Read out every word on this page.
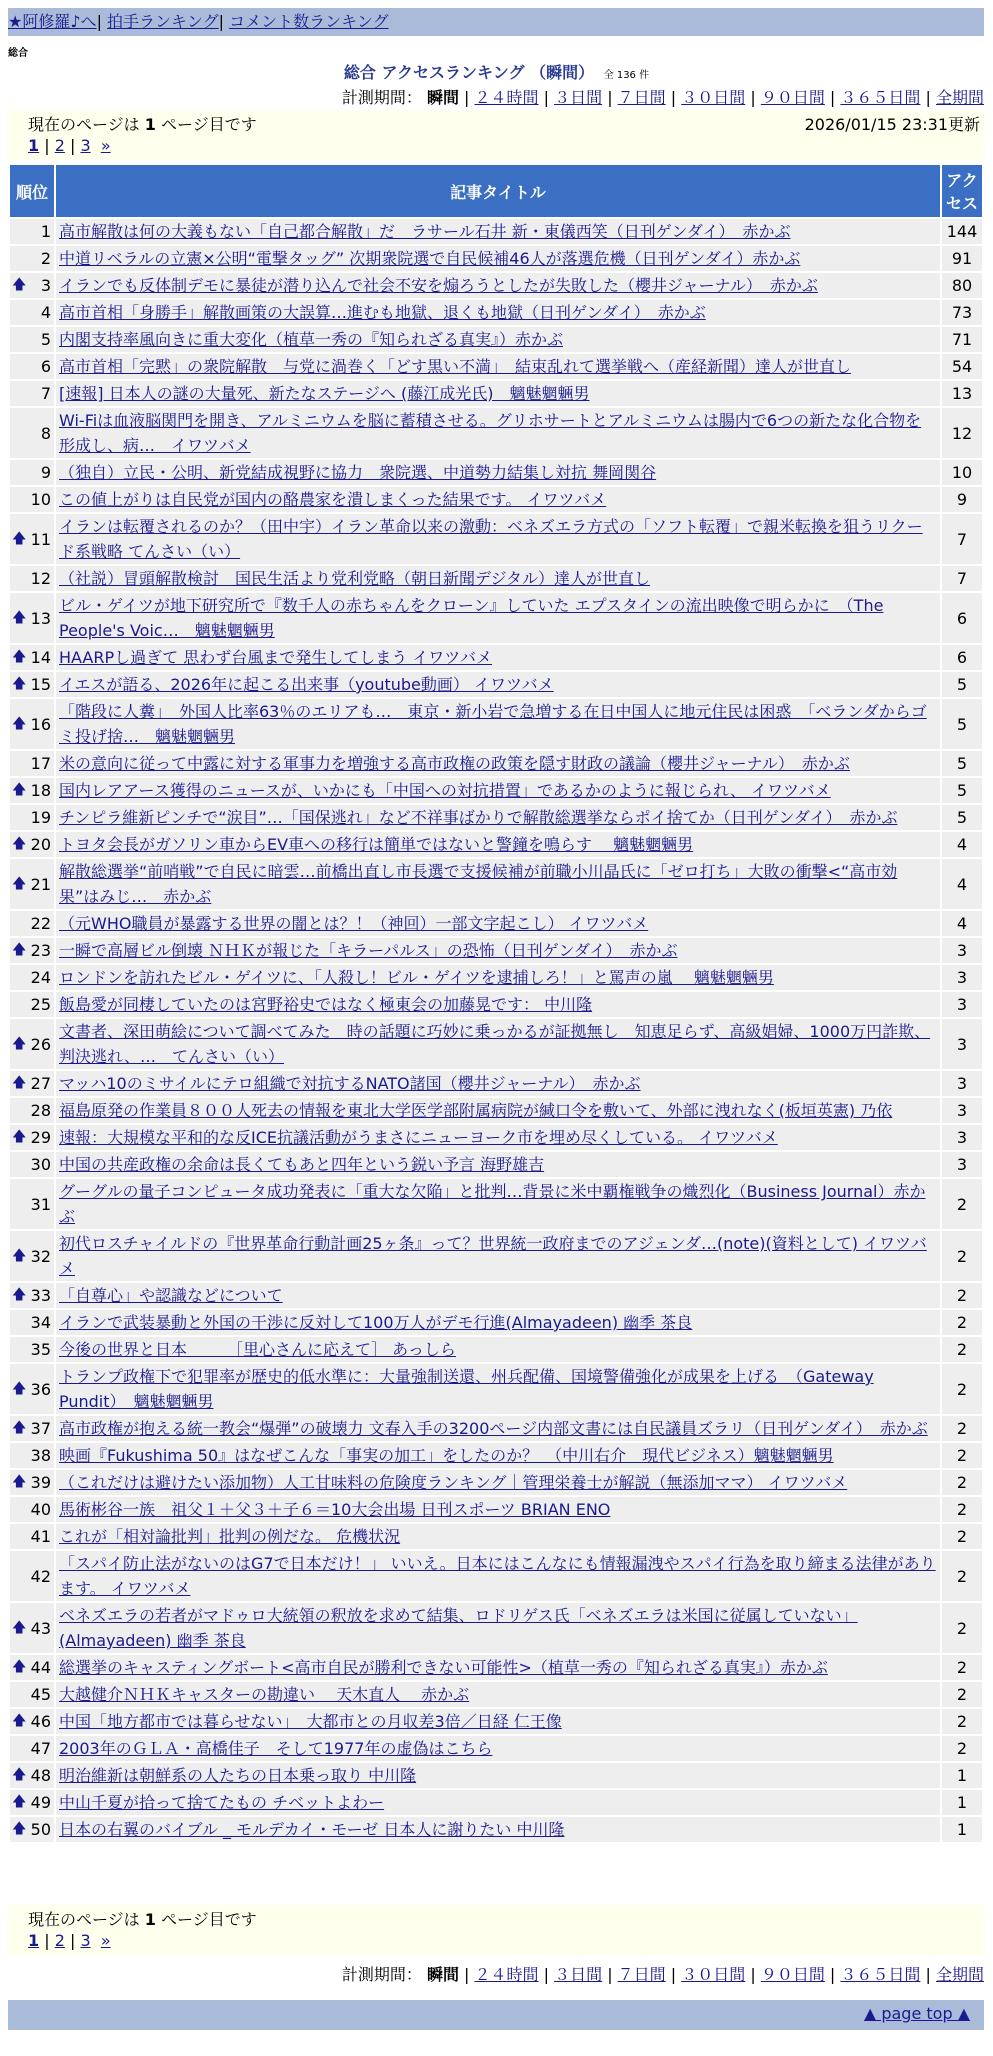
★阿修羅♪へ| 拍手ランキング| コメント数ランキング
総合
総合 アクセスランキング （瞬間） 全 136 件
計測期間： 瞬間 | ２４時間 | ３日間 | ７日間 | ３０日間 | ９０日間 | ３６５日間 | 全期間
現在のページは 1 ページ目です	2026/01/15 23:31更新
1 | 2 | 3 »
順位	記事タイトル	アクセス
1	高市解散は何の大義もない「自己都合解散」だ　ラサール石井 新・東儀西笑（日刊ゲンダイ）　赤かぶ	144
2	中道リベラルの立憲×公明“電撃タッグ” 次期衆院選で自民候補46人が落選危機（日刊ゲンダイ）赤かぶ	91

🡅 3	イランでも反体制デモに暴徒が潜り込んで社会不安を煽ろうとしたが失敗した（櫻井ジャーナル）　赤かぶ	80
4	高市首相「身勝手」解散画策の大誤算…進むも地獄、退くも地獄（日刊ゲンダイ）　赤かぶ	73
5	内閣支持率風向きに重大変化（植草一秀の『知られざる真実』）赤かぶ	71
6	高市首相「完黙」の衆院解散　与党に渦巻く「どす黒い不満」　結束乱れて選挙戦へ（産経新聞）達人が世直し	54
7	[速報] 日本人の謎の大量死、新たなステージへ (藤江成光氏)　魑魅魍魎男	13
8	Wi-Fiは血液脳関門を開き、アルミニウムを脳に蓄積させる。グリホサートとアルミニウムは腸内で6つの新たな化合物を形成し、病…　イワツバメ	12
9	（独自）立民・公明、新党結成視野に協力　衆院選、中道勢力結集し対抗 舞岡関谷	10
10	この値上がりは自民党が国内の酪農家を潰しまくった結果です。 イワツバメ	9

🡅 11	イランは転覆されるのか？（田中宇）イラン革命以来の激動：ベネズエラ方式の「ソフト転覆」で親米転換を狙うリクード系戦略 てんさい（い）	7
12	（社説）冒頭解散検討　国民生活より党利党略（朝日新聞デジタル）達人が世直し	7

🡅 13	ビル・ゲイツが地下研究所で『数千人の赤ちゃんをクローン』していた エプスタインの流出映像で明らかに　（The People's Voic…　魑魅魍魎男	6

🡅 14	HAARPし過ぎて 思わず台風まで発生してしまう イワツバメ	6

🡅 15	イエスが語る、2026年に起こる出来事（youtube動画） イワツバメ	5

🡅 16	「階段に人糞」　外国人比率63％のエリアも…　東京・新小岩で急増する在日中国人に地元住民は困惑　「ベランダからゴミ投げ捨…　魑魅魍魎男	5
17	米の意向に従って中露に対する軍事力を増強する高市政権の政策を隠す財政の議論（櫻井ジャーナル）　赤かぶ	5

🡅 18	国内レアアース獲得のニュースが、いかにも「中国への対抗措置」であるかのように報じられ、 イワツバメ	5
19	チンピラ維新ピンチで“涙目”…「国保逃れ」など不祥事ばかりで解散総選挙ならポイ捨てか（日刊ゲンダイ）　赤かぶ	5

🡅 20	トヨタ会長がガソリン車からEV車への移行は簡単ではないと警鐘を鳴らす　 魑魅魍魎男	4

🡅 21	解散総選挙“前哨戦”で自民に暗雲…前橋出直し市長選で支援候補が前職小川晶氏に「ゼロ打ち」大敗の衝撃<“高市効果”はみじ…　赤かぶ	4
22	（元WHO職員が暴露する世界の闇とは？！（神回）一部文字起こし） イワツバメ	4

🡅 23	一瞬で高層ビル倒壊 ＮＨＫが報じた「キラーパルス」の恐怖（日刊ゲンダイ）　赤かぶ	3
24	ロンドンを訪れたビル・ゲイツに、「人殺し！ビル・ゲイツを逮捕しろ！」と罵声の嵐　 魑魅魍魎男	3
25	飯島愛が同棲していたのは宮野裕史ではなく極東会の加藤晃です： 中川隆	3

🡅 26	文書者、深田萌絵について調べてみた　時の話題に巧妙に乗っかるが証拠無し　知恵足らず、高級娼婦、1000万円詐欺、判決逃れ、…　てんさい（い）	3

🡅 27	マッハ10のミサイルにテロ組織で対抗するNATO諸国（櫻井ジャーナル）　赤かぶ	3
28	福島原発の作業員８００人死去の情報を東北大学医学部附属病院が緘口令を敷いて、外部に洩れなく(板垣英憲) 乃依	3

🡅 29	速報：大規模な平和的な反ICE抗議活動がうまさにニューヨーク市を埋め尽くしている。 イワツバメ	3
30	中国の共産政権の余命は長くてもあと四年という鋭い予言 海野雄吉	3
31	グーグルの量子コンピュータ成功発表に「重大な欠陥」と批判…背景に米中覇権戦争の熾烈化（Business Journal）赤かぶ	2

🡅 32	初代ロスチャイルドの『世界革命行動計画25ヶ条』って？世界統一政府までのアジェンダ…(note)(資料として) イワツバメ	2

🡅 33	「自尊心」や認識などについて	2
34	イランで武装暴動と外国の干渉に反対して100万人がデモ行進(Almayadeen) 幽季 茶良	2
35	今後の世界と日本　　　［里心さんに応えて］ あっしら	2

🡅 36	トランプ政権下で犯罪率が歴史的低水準に：大量強制送還、州兵配備、国境警備強化が成果を上げる　（Gateway Pundit）　魑魅魍魎男	2

🡅 37	高市政権が抱える統一教会“爆弾”の破壊力 文春入手の3200ページ内部文書には自民議員ズラリ（日刊ゲンダイ）　赤かぶ	2
38	映画『Fukushima 50』はなぜこんな「事実の加工」をしたのか？　（中川右介　現代ビジネス）魑魅魍魎男	2

🡅 39	（これだけは避けたい添加物）人工甘味料の危険度ランキング｜管理栄養士が解説（無添加ママ） イワツバメ	2
40	馬術彬谷一族　祖父１＋父３＋子６＝10大会出場 日刊スポーツ BRIAN ENO	2
41	これが「相対論批判」批判の例だな。 危機状況	2
42	「スパイ防止法がないのはG7で日本だけ！」 いいえ。日本にはこんなにも情報漏洩やスパイ行為を取り締まる法律があります。 イワツバメ	2

🡅 43	ベネズエラの若者がマドゥロ大統領の釈放を求めて結集、ロドリゲス氏「ベネズエラは米国に従属していない」(Almayadeen) 幽季 茶良	2

🡅 44	総選挙のキャスティングボート<高市自民が勝利できない可能性>（植草一秀の『知られざる真実』）赤かぶ	2
45	大越健介ＮＨＫキャスターの勘違い　 天木直人　 赤かぶ	2

🡅 46	中国「地方都市では暮らせない」　大都市との月収差3倍／日経 仁王像	2
47	2003年のＧＬＡ・高橋佳子　そして1977年の虚偽はこちら	2

🡅 48	明治維新は朝鮮系の人たちの日本乗っ取り 中川隆	1

🡅 49	中山千夏が拾って捨てたもの チベットよわー	1

🡅 50	日本の右翼のバイブル _ モルデカイ・モーゼ 日本人に謝りたい 中川隆	1
現在のページは 1 ページ目です
1 | 2 | 3 »
計測期間： 瞬間 | ２４時間 | ３日間 | ７日間 | ３０日間 | ９０日間 | ３６５日間 | 全期間
▲ page top ▲
